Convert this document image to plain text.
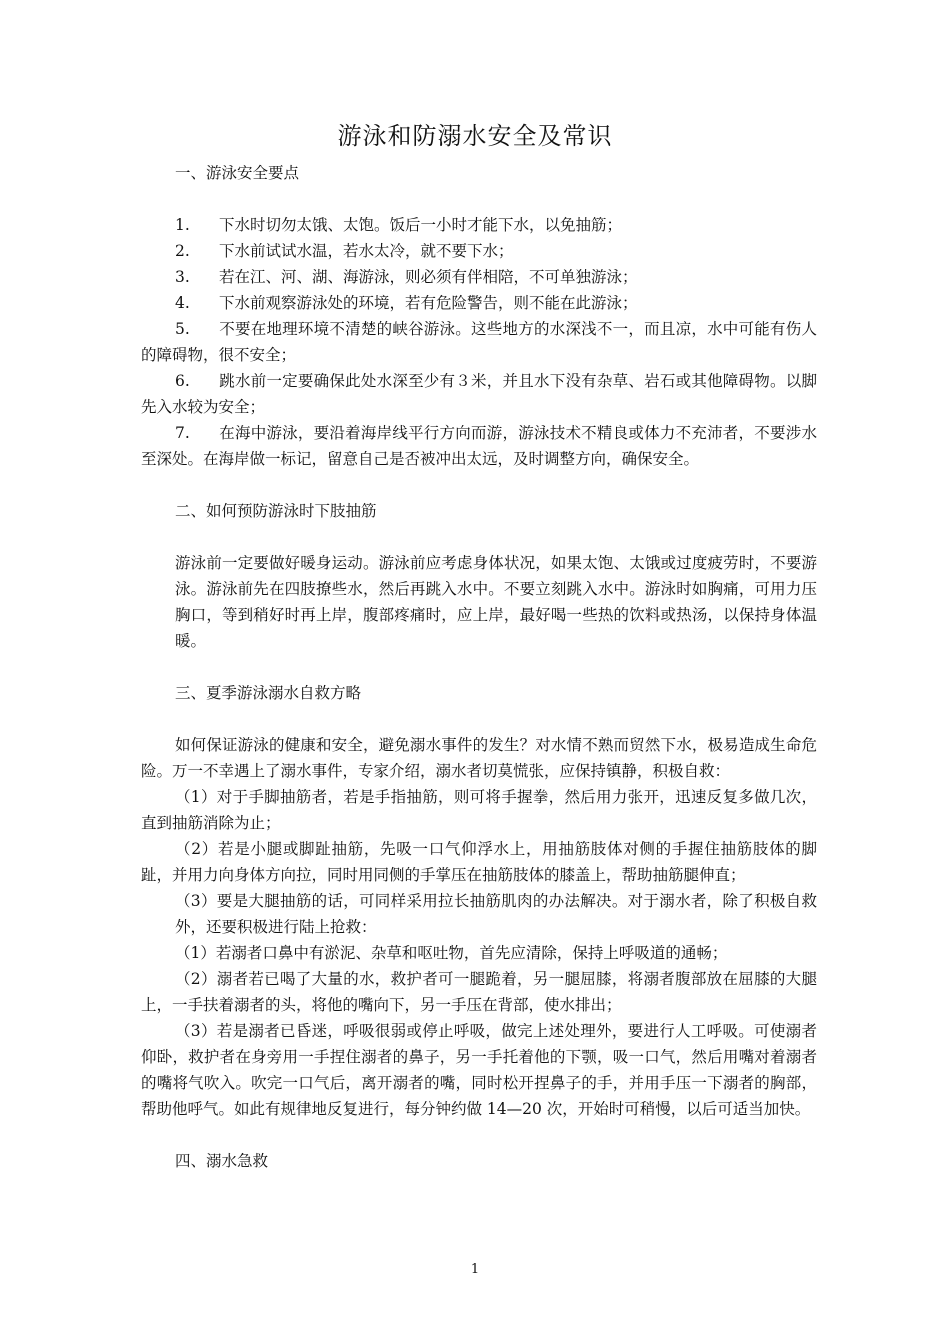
游泳和防溺水安全及常识

一、游泳安全要点

1. 下水时切勿太饿、太饱。饭后一小时才能下水，以免抽筋；

2. 下水前试试水温，若水太冷，就不要下水；

3. 若在江、河、湖、海游泳，则必须有伴相陪，不可单独游泳；

4. 下水前观察游泳处的环境，若有危险警告，则不能在此游泳；

5. 不要在地理环境不清楚的峡谷游泳。这些地方的水深浅不一，而且凉，水中可能有伤人的障碍物，很不安全；

6. 跳水前一定要确保此处水深至少有３米，并且水下没有杂草、岩石或其他障碍物。以脚先入水较为安全；

7. 在海中游泳，要沿着海岸线平行方向而游，游泳技术不精良或体力不充沛者，不要涉水至深处。在海岸做一标记，留意自己是否被冲出太远，及时调整方向，确保安全。

二、如何预防游泳时下肢抽筋

游泳前一定要做好暖身运动。游泳前应考虑身体状况，如果太饱、太饿或过度疲劳时，不要游泳。游泳前先在四肢撩些水，然后再跳入水中。不要立刻跳入水中。游泳时如胸痛，可用力压胸口，等到稍好时再上岸，腹部疼痛时，应上岸，最好喝一些热的饮料或热汤，以保持身体温暖。

三、夏季游泳溺水自救方略

如何保证游泳的健康和安全，避免溺水事件的发生？对水情不熟而贸然下水，极易造成生命危险。万一不幸遇上了溺水事件，专家介绍，溺水者切莫慌张，应保持镇静，积极自救：

（1）对于手脚抽筋者，若是手指抽筋，则可将手握拳，然后用力张开，迅速反复多做几次，直到抽筋消除为止；

（2）若是小腿或脚趾抽筋，先吸一口气仰浮水上，用抽筋肢体对侧的手握住抽筋肢体的脚趾，并用力向身体方向拉，同时用同侧的手掌压在抽筋肢体的膝盖上，帮助抽筋腿伸直；

（3）要是大腿抽筋的话，可同样采用拉长抽筋肌肉的办法解决。对于溺水者，除了积极自救外，还要积极进行陆上抢救：

（1）若溺者口鼻中有淤泥、杂草和呕吐物，首先应清除，保持上呼吸道的通畅；

（2）溺者若已喝了大量的水，救护者可一腿跪着，另一腿屈膝，将溺者腹部放在屈膝的大腿上，一手扶着溺者的头，将他的嘴向下，另一手压在背部，使水排出；

（3）若是溺者已昏迷，呼吸很弱或停止呼吸，做完上述处理外，要进行人工呼吸。可使溺者仰卧，救护者在身旁用一手捏住溺者的鼻子，另一手托着他的下颚，吸一口气，然后用嘴对着溺者的嘴将气吹入。吹完一口气后，离开溺者的嘴，同时松开捏鼻子的手，并用手压一下溺者的胸部，帮助他呼气。如此有规律地反复进行，每分钟约做 14—20 次，开始时可稍慢，以后可适当加快。

四、溺水急救

1
